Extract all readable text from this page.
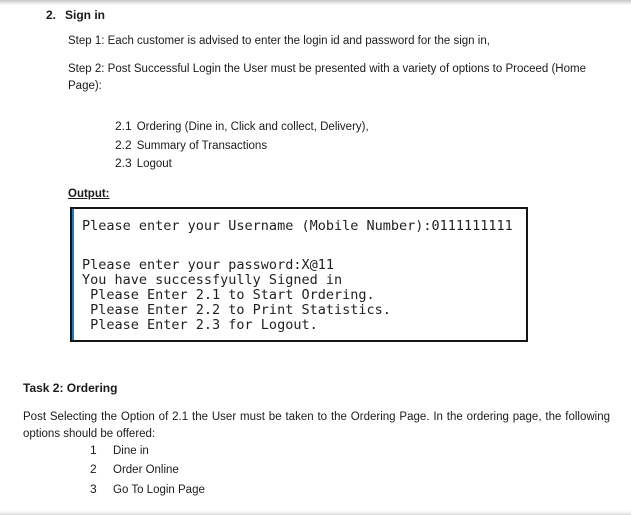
2. Sign in
Step 1: Each customer is advised to enter the login id and password for the sign in,
Step 2: Post Successful Login the User must be presented with a variety of options to Proceed (Home Page):
2.1 Ordering (Dine in, Click and collect, Delivery),
2.2 Summary of Transactions
2.3 Logout
Output:
Please enter your Username (Mobile Number):0111111111
Please enter your password:X@11
You have successfyully Signed in
Please Enter 2.1 to Start Ordering.
Please Enter 2.2 to Print Statistics.
Please Enter 2.3 for Logout.
Task 2: Ordering
Post Selecting the Option of 2.1 the User must be taken to the Ordering Page. In the ordering page, the following options should be offered:
1	Dine in
2	Order Online
3	Go To Login Page
